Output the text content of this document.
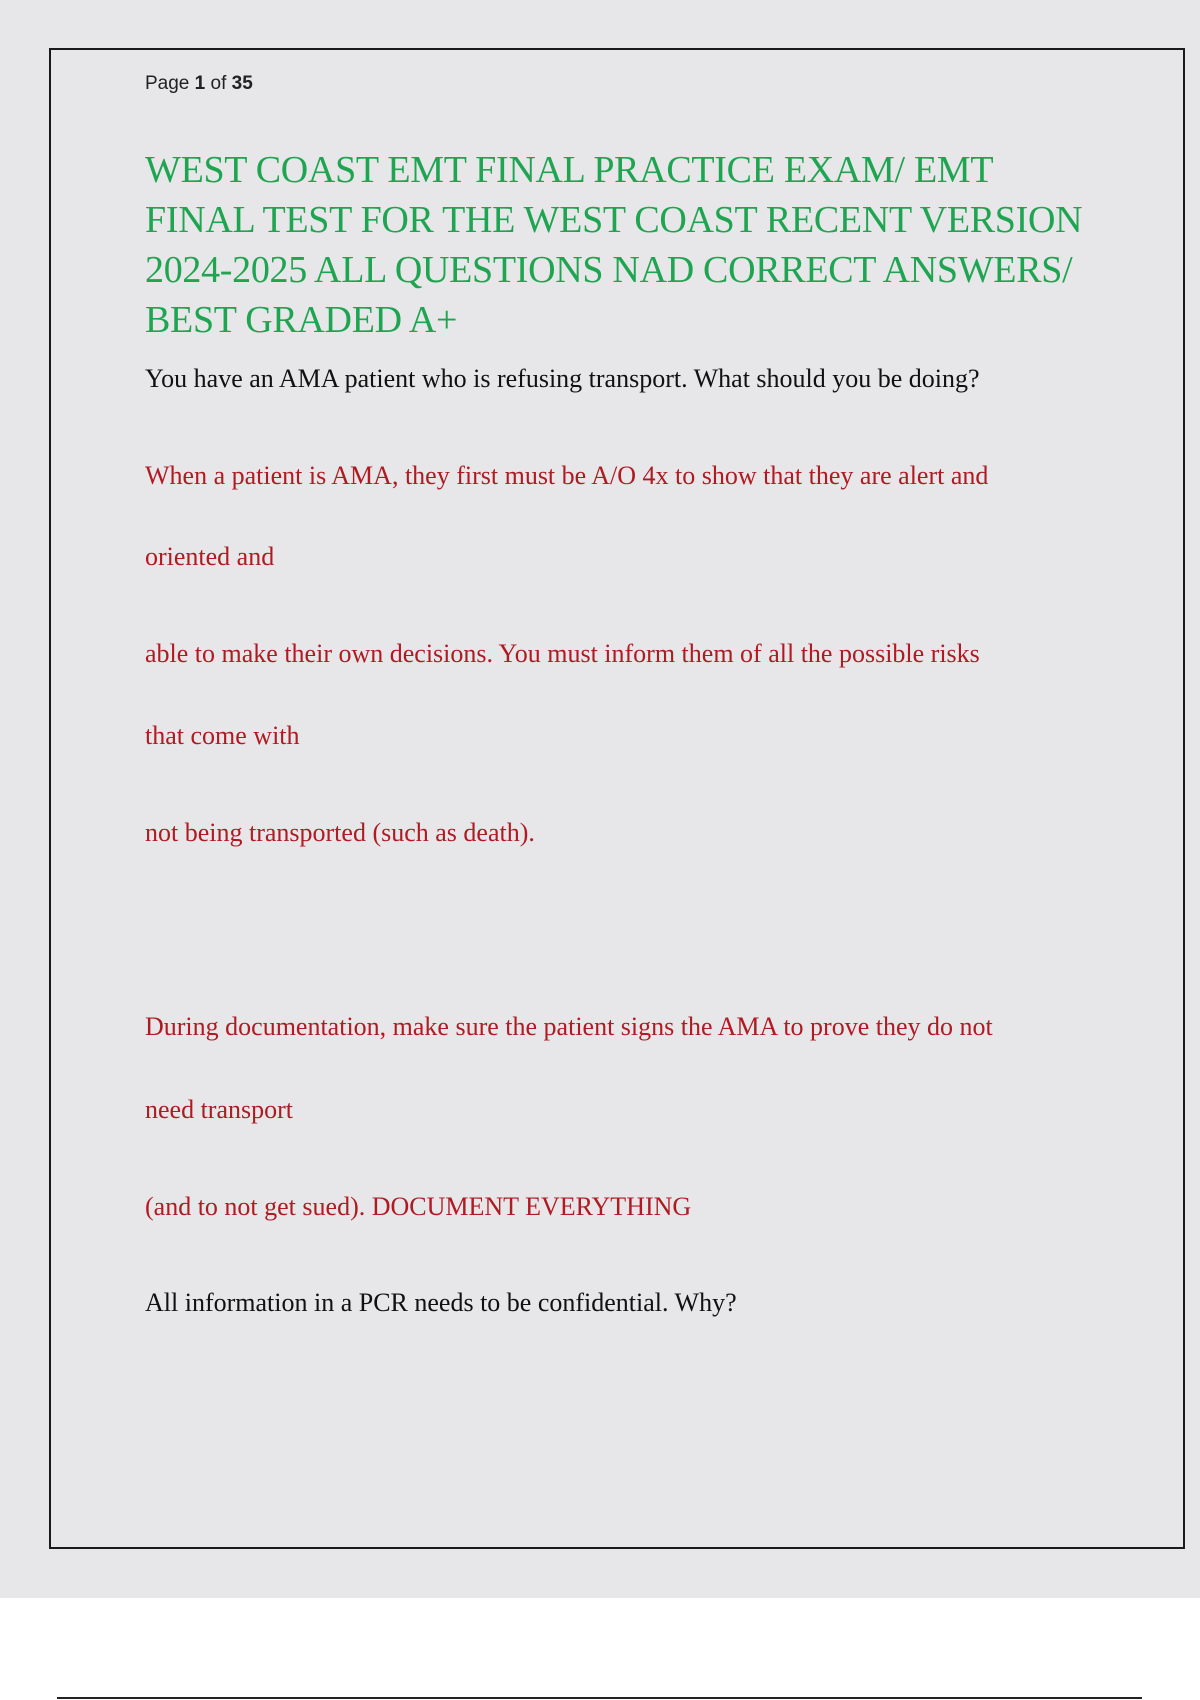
Page 1 of 35
WEST COAST EMT FINAL PRACTICE EXAM/ EMT FINAL TEST FOR THE WEST COAST RECENT VERSION 2024-2025 ALL QUESTIONS NAD CORRECT ANSWERS/ BEST GRADED A+

You have an AMA patient who is refusing transport. What should you be doing?

When a patient is AMA, they first must be A/O 4x to show that they are alert and

oriented and

able to make their own decisions. You must inform them of all the possible risks

that come with

not being transported (such as death).

During documentation, make sure the patient signs the AMA to prove they do not

need transport

(and to not get sued). DOCUMENT EVERYTHING

All information in a PCR needs to be confidential. Why?
